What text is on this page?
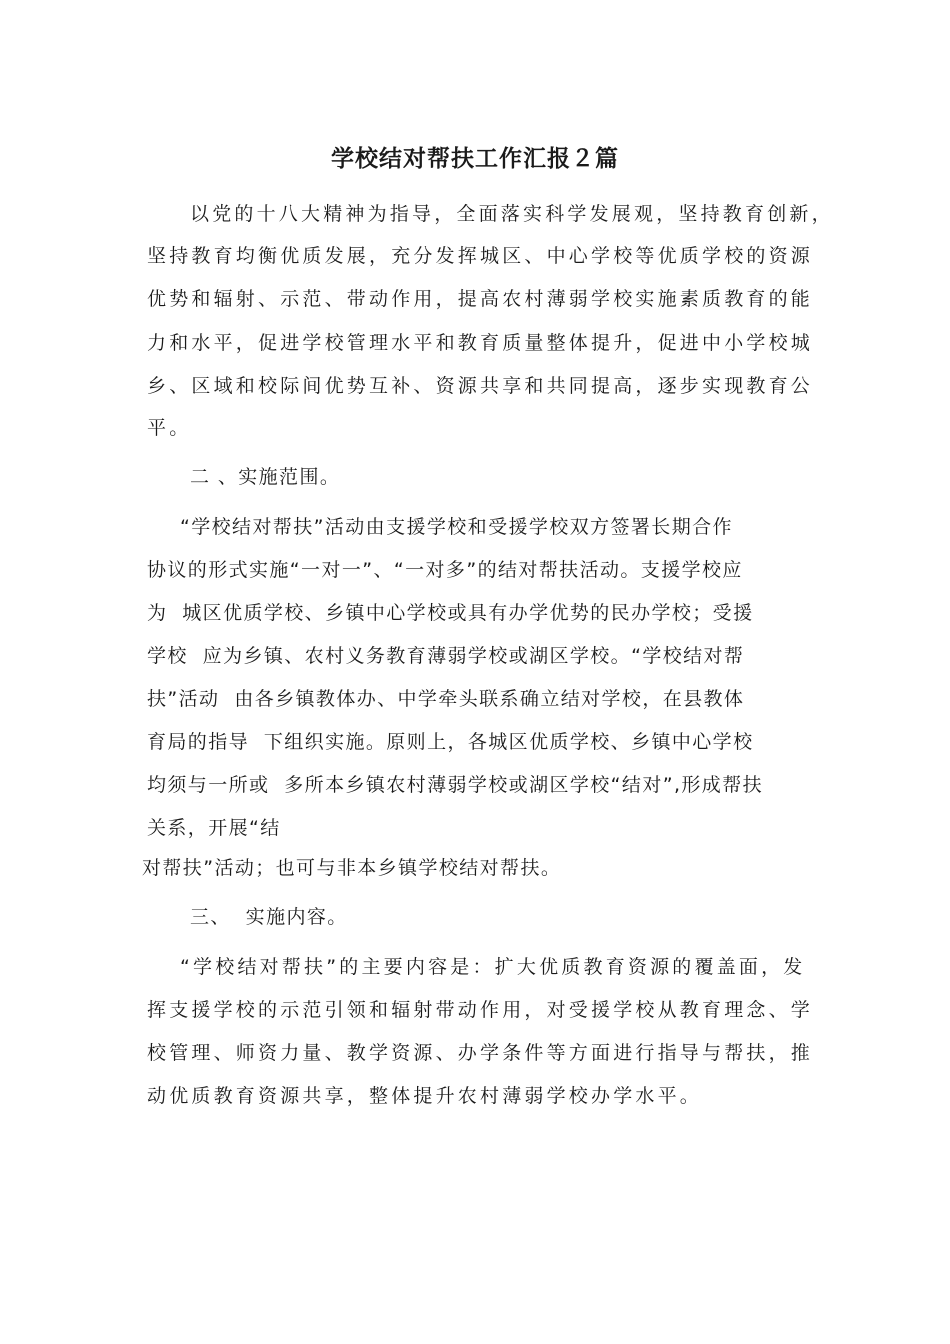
学校结对帮扶工作汇报２篇
以党的十八大精神为指导，全面落实科学发展观，坚持教育创新，
坚持教育均衡优质发展，充分发挥城区、中心学校等优质学校的资源
优势和辐射、示范、带动作用，提高农村薄弱学校实施素质教育的能
力和水平，促进学校管理水平和教育质量整体提升，促进中小学校城
乡、区域和校际间优势互补、资源共享和共同提高，逐步实现教育公
平。
二 、实施范围。
“学校结对帮扶”活动由支援学校和受援学校双方签署长期合作
协议的形式实施“一对一”、“一对多”的结对帮扶活动。支援学校应
为  城区优质学校、乡镇中心学校或具有办学优势的民办学校；受援
学校  应为乡镇、农村义务教育薄弱学校或湖区学校。“学校结对帮
扶”活动  由各乡镇教体办、中学牵头联系确立结对学校，在县教体
育局的指导  下组织实施。原则上，各城区优质学校、乡镇中心学校
均须与一所或  多所本乡镇农村薄弱学校或湖区学校“结对”,形成帮扶
关系，开展“结
对帮扶”活动；也可与非本乡镇学校结对帮扶。
三、  实施内容。
“学校结对帮扶”的主要内容是：扩大优质教育资源的覆盖面，发
挥支援学校的示范引领和辐射带动作用，对受援学校从教育理念、学
校管理、师资力量、教学资源、办学条件等方面进行指导与帮扶，推
动优质教育资源共享，整体提升农村薄弱学校办学水平。
